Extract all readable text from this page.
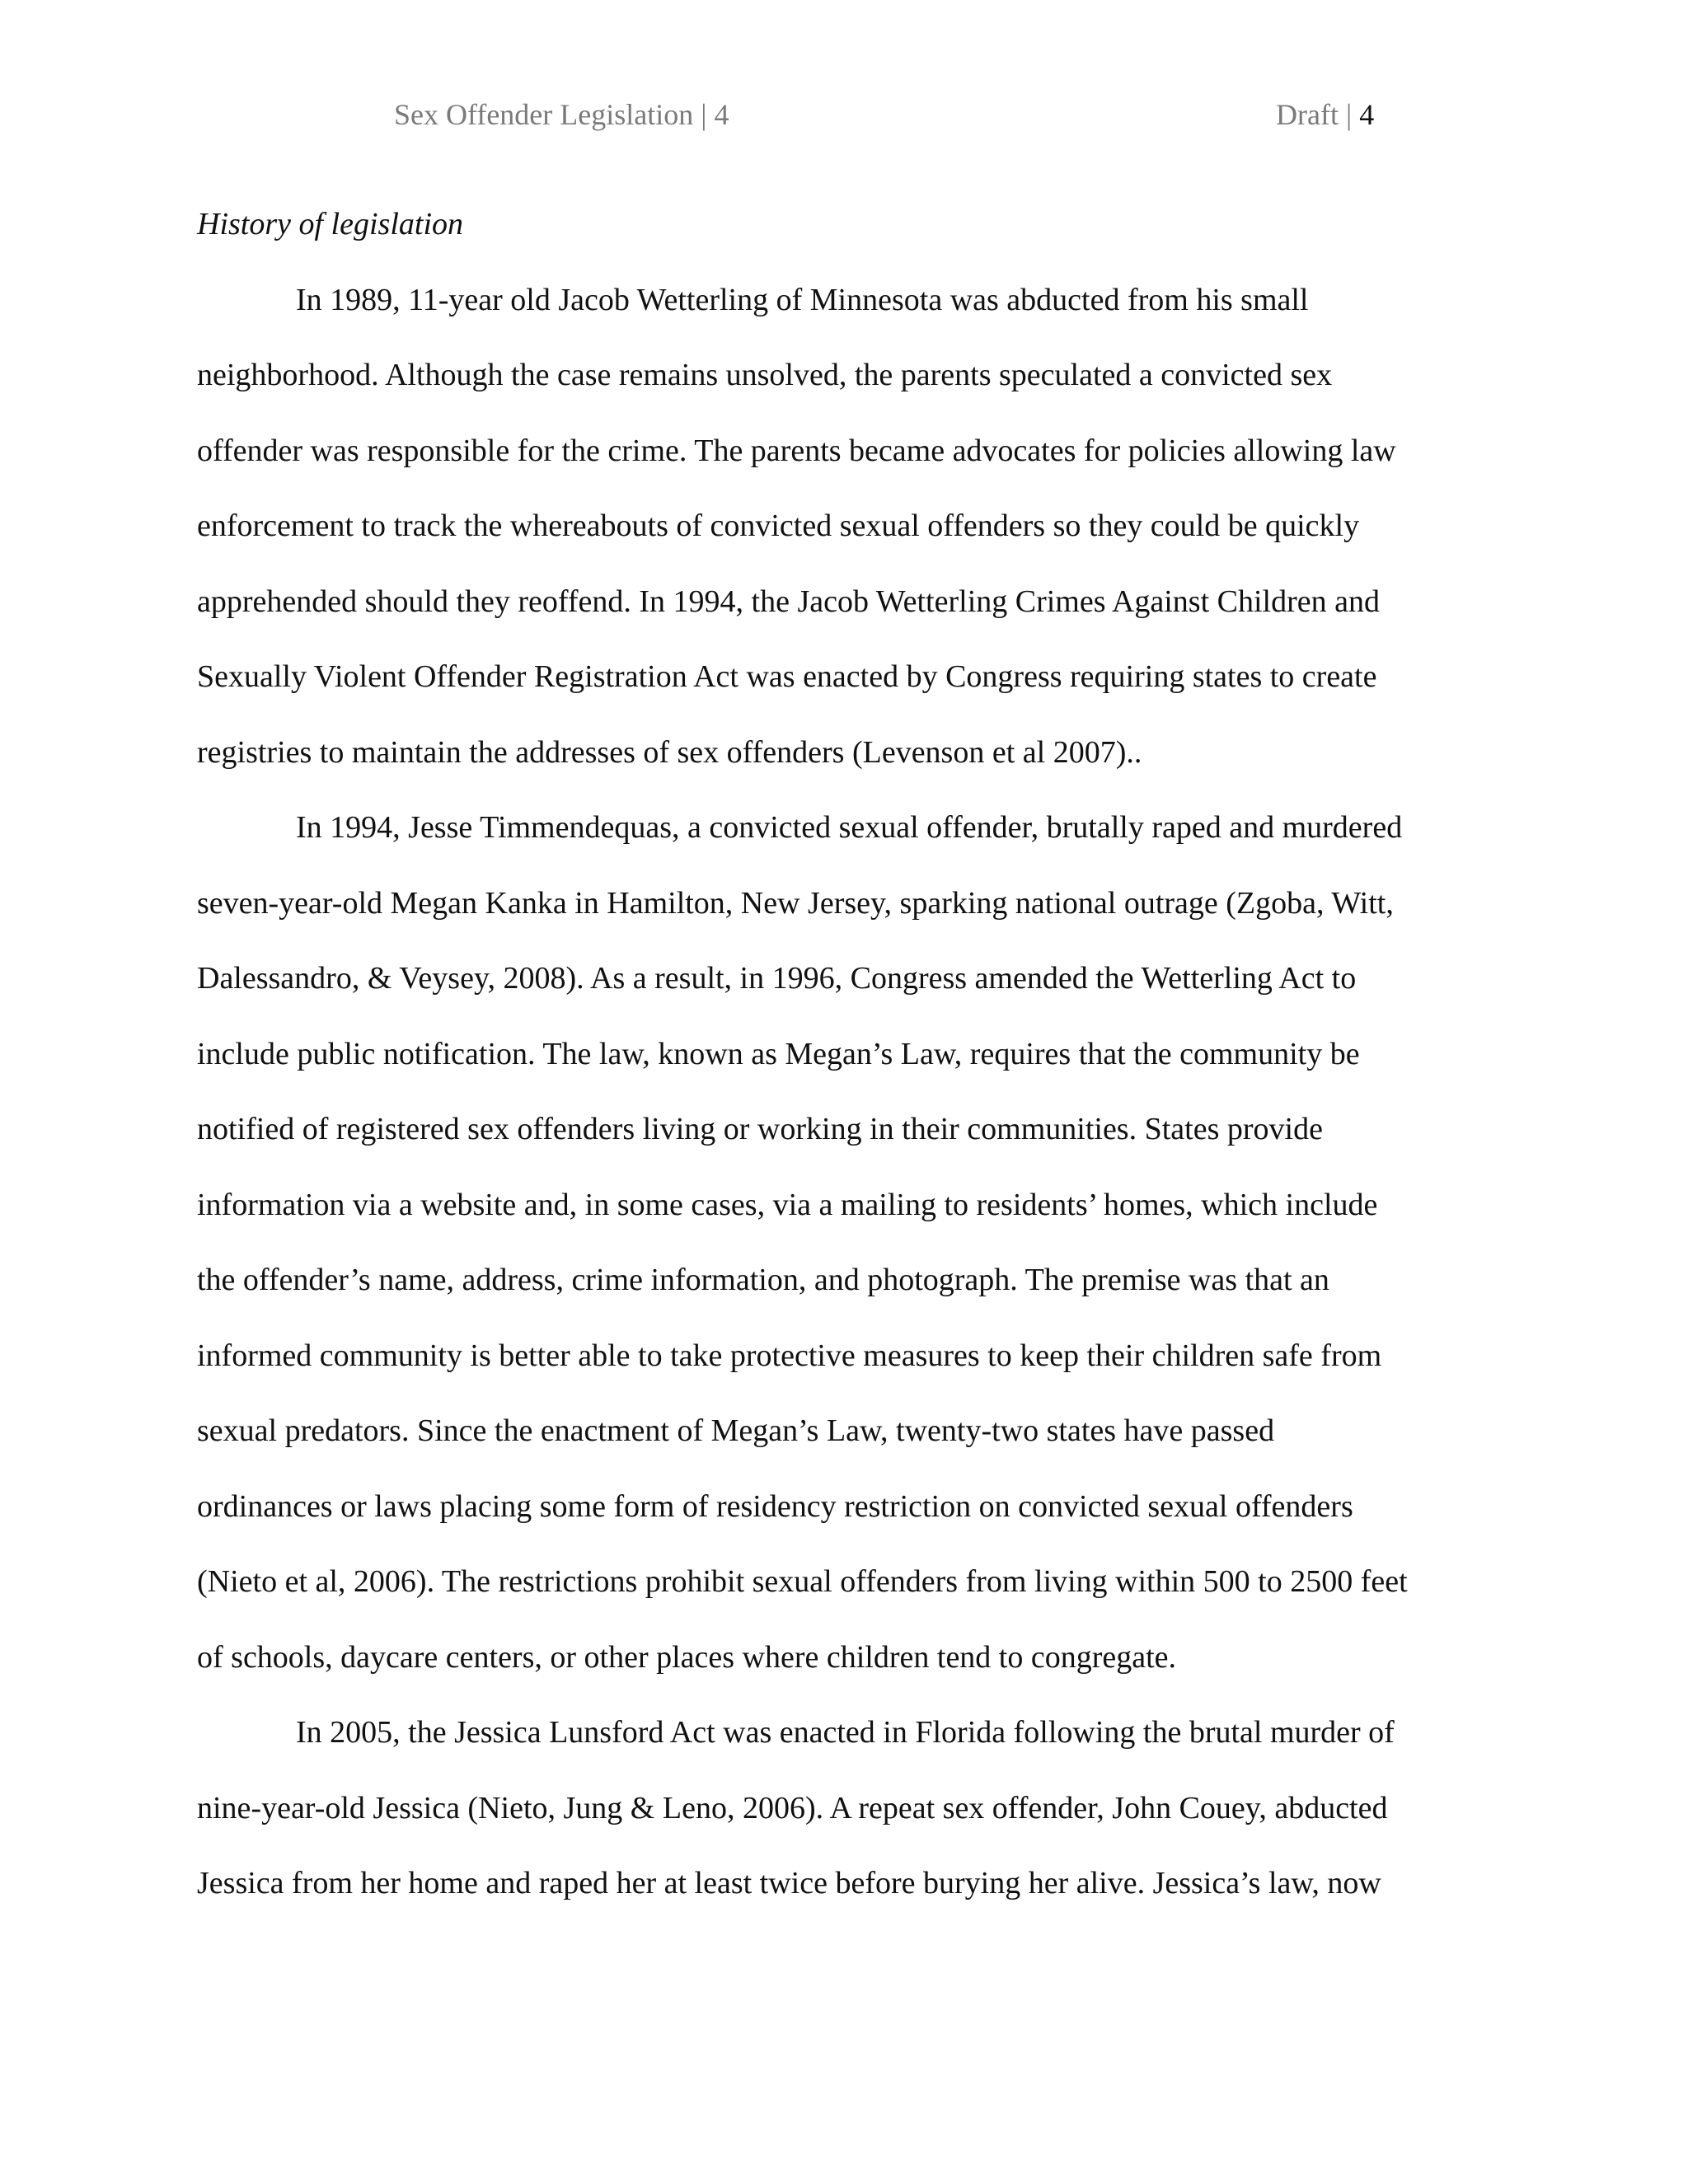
Sex Offender Legislation | 4	Draft | 4
History of legislation
In 1989, 11-year old Jacob Wetterling of Minnesota was abducted from his small
neighborhood. Although the case remains unsolved, the parents speculated a convicted sex
offender was responsible for the crime. The parents became advocates for policies allowing law
enforcement to track the whereabouts of convicted sexual offenders so they could be quickly
apprehended should they reoffend. In 1994, the Jacob Wetterling Crimes Against Children and
Sexually Violent Offender Registration Act was enacted by Congress requiring states to create
registries to maintain the addresses of sex offenders (Levenson et al 2007)..
In 1994, Jesse Timmendequas, a convicted sexual offender, brutally raped and murdered
seven-year-old Megan Kanka in Hamilton, New Jersey, sparking national outrage (Zgoba, Witt,
Dalessandro, & Veysey, 2008). As a result, in 1996, Congress amended the Wetterling Act to
include public notification. The law, known as Megan’s Law, requires that the community be
notified of registered sex offenders living or working in their communities. States provide
information via a website and, in some cases, via a mailing to residents’ homes, which include
the offender’s name, address, crime information, and photograph. The premise was that an
informed community is better able to take protective measures to keep their children safe from
sexual predators. Since the enactment of Megan’s Law, twenty-two states have passed
ordinances or laws placing some form of residency restriction on convicted sexual offenders
(Nieto et al, 2006). The restrictions prohibit sexual offenders from living within 500 to 2500 feet
of schools, daycare centers, or other places where children tend to congregate.
In 2005, the Jessica Lunsford Act was enacted in Florida following the brutal murder of
nine-year-old Jessica (Nieto, Jung & Leno, 2006). A repeat sex offender, John Couey, abducted
Jessica from her home and raped her at least twice before burying her alive. Jessica’s law, now
